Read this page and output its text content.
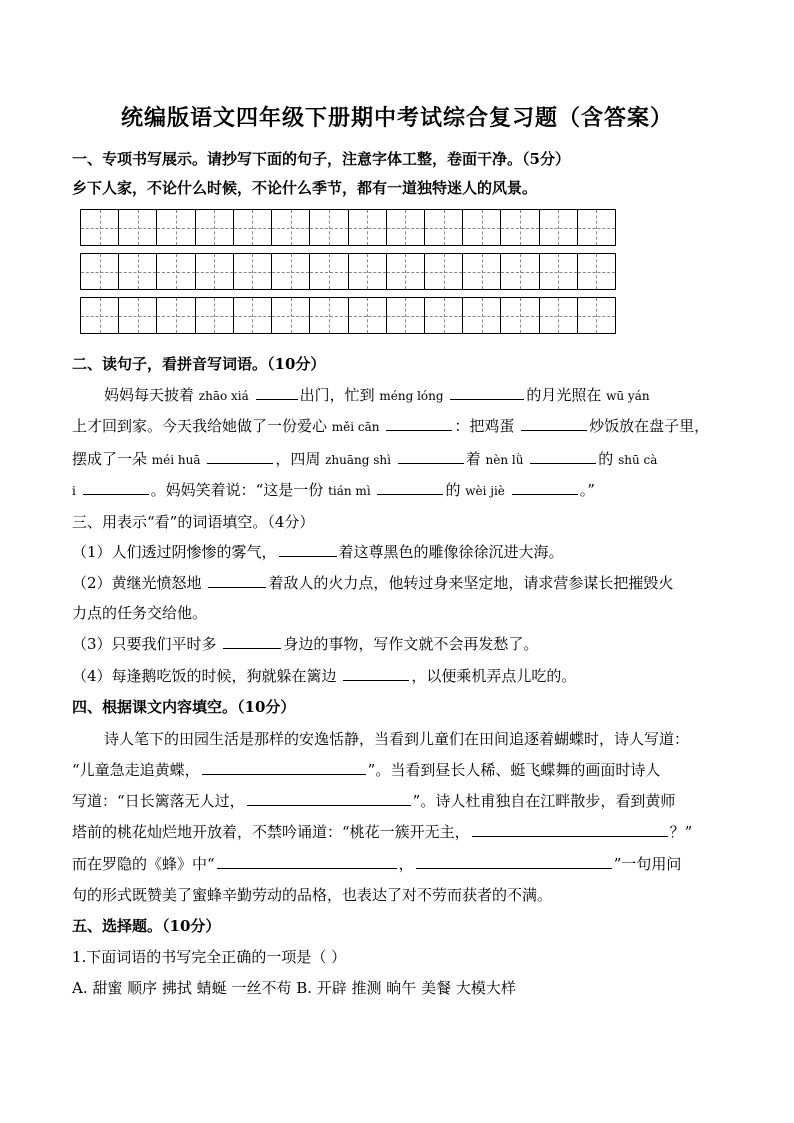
统编版语文四年级下册期中考试综合复习题（含答案）
一、专项书写展示。请抄写下面的句子，注意字体工整，卷面干净。（5分）
乡下人家，不论什么时候，不论什么季节，都有一道独特迷人的风景。
二、读句子，看拼音写词语。（10分）
妈妈每天披着 zhāo xiá	出门，忙到 méng lóng	的月光照在 wū yán
上才回到家。今天我给她做了一份爱心 měi cān	：把鸡蛋	炒饭放在盘子里，
摆成了一朵 méi huā	，四周 zhuāng shì	着 nèn lǜ	的 shū cà
i	。妈妈笑着说：“这是一份 tián mì	的 wèi jiè	。”
三、用表示“看”的词语填空。（4分）
（1）人们透过阴惨惨的雾气，	着这尊黑色的雕像徐徐沉进大海。
（2）黄继光愤怒地	着敌人的火力点，他转过身来坚定地，请求营参谋长把摧毁火
力点的任务交给他。
（3）只要我们平时多	身边的事物，写作文就不会再发愁了。
（4）每逢鹅吃饭的时候，狗就躲在篱边	，以便乘机弄点儿吃的。
四、根据课文内容填空。（10分）
诗人笔下的田园生活是那样的安逸恬静，当看到儿童们在田间追逐着蝴蝶时，诗人写道：
“儿童急走追黄蝶，	”。当看到昼长人稀、蜓飞蝶舞的画面时诗人
写道：“日长篱落无人过，	”。诗人杜甫独自在江畔散步，看到黄师
塔前的桃花灿烂地开放着，不禁吟诵道：“桃花一簇开无主，	？”
而在罗隐的《蜂》中“	，	”一句用问
句的形式既赞美了蜜蜂辛勤劳动的品格，也表达了对不劳而获者的不满。
五、选择题。（10分）
1.下面词语的书写完全正确的一项是（ ）
A. 甜蜜 顺序 拂拭 蜻蜒 一丝不苟 B. 开辟 推测 晌午 美餐 大模大样
